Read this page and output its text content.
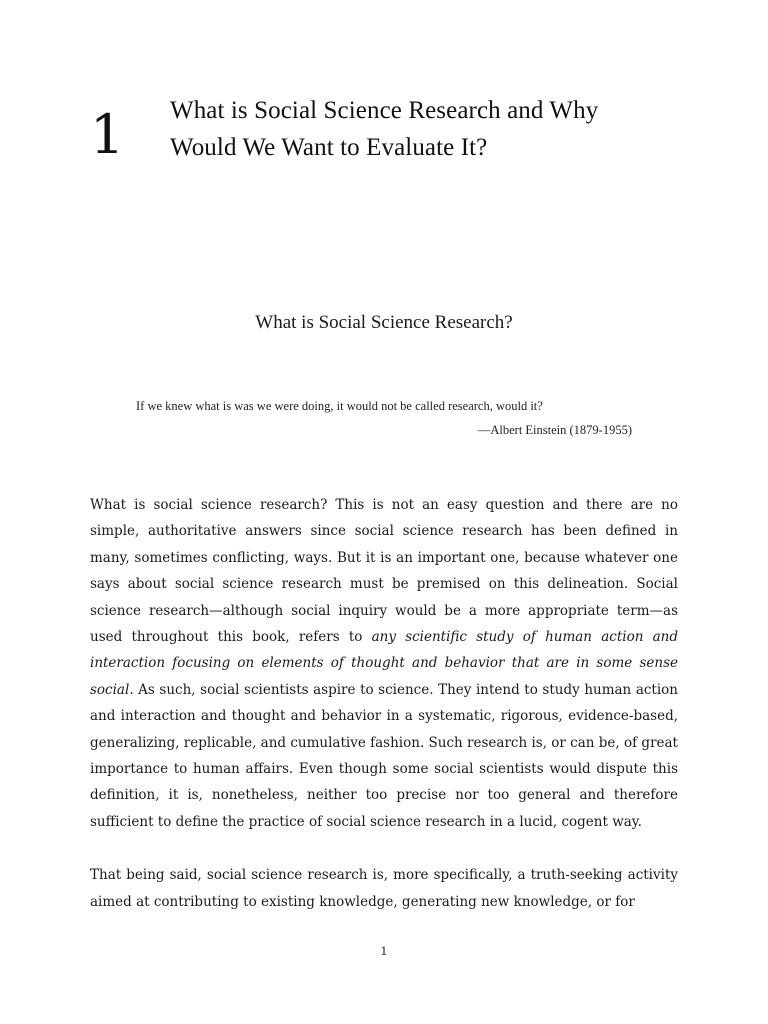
1 What is Social Science Research and Why
Would We Want to Evaluate It?
What is Social Science Research?
If we knew what is was we were doing, it would not be called research, would it?
—Albert Einstein (1879-1955)

What is social science research? This is not an easy question and there are no simple, authoritative answers since social science research has been defined in many, sometimes conflicting, ways. But it is an important one, because whatever one says about social science research must be premised on this delineation. Social science research—although social inquiry would be a more appropriate term—as used throughout this book, refers to any scientific study of human action and interaction focusing on elements of thought and behavior that are in some sense social. As such, social scientists aspire to science. They intend to study human action and interaction and thought and behavior in a systematic, rigorous, evidence-based, generalizing, replicable, and cumulative fashion. Such research is, or can be, of great importance to human affairs. Even though some social scientists would dispute this definition, it is, nonetheless, neither too precise nor too general and therefore sufficient to define the practice of social science research in a lucid, cogent way.

That being said, social science research is, more specifically, a truth-seeking activity aimed at contributing to existing knowledge, generating new knowledge, or for

1
